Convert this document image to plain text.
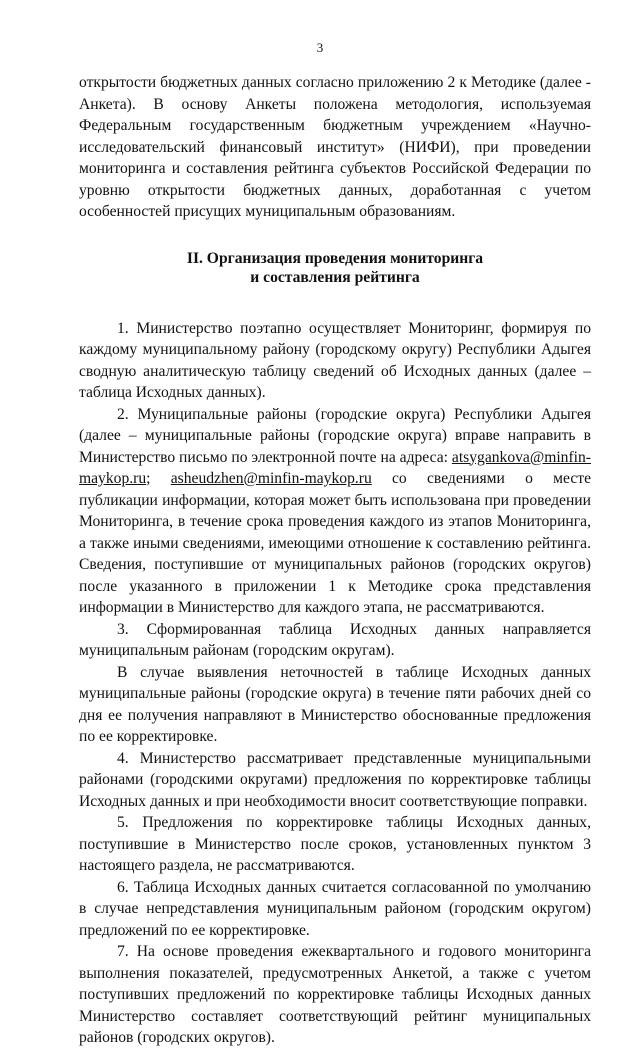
3

открытости бюджетных данных согласно приложению 2 к Методике (далее - Анкета). В основу Анкеты положена методология, используемая Федеральным государственным бюджетным учреждением «Научно-исследовательский финансовый институт» (НИФИ), при проведении мониторинга и составления рейтинга субъектов Российской Федерации по уровню открытости бюджетных данных, доработанная с учетом особенностей присущих муниципальным образованиям.

II. Организация проведения мониторинга
и составления рейтинга

1. Министерство поэтапно осуществляет Мониторинг, формируя по каждому муниципальному району (городскому округу) Республики Адыгея сводную аналитическую таблицу сведений об Исходных данных (далее – таблица Исходных данных).

2. Муниципальные районы (городские округа) Республики Адыгея (далее – муниципальные районы (городские округа) вправе направить в Министерство письмо по электронной почте на адреса: atsygankova@minfin-maykop.ru; asheudzhen@minfin-maykop.ru со сведениями о месте публикации информации, которая может быть использована при проведении Мониторинга, в течение срока проведения каждого из этапов Мониторинга, а также иными сведениями, имеющими отношение к составлению рейтинга. Сведения, поступившие от муниципальных районов (городских округов) после указанного в приложении 1 к Методике срока представления информации в Министерство для каждого этапа, не рассматриваются.

3. Сформированная таблица Исходных данных направляется муниципальным районам (городским округам).

В случае выявления неточностей в таблице Исходных данных муниципальные районы (городские округа) в течение пяти рабочих дней со дня ее получения направляют в Министерство обоснованные предложения по ее корректировке.

4. Министерство рассматривает представленные муниципальными районами (городскими округами) предложения по корректировке таблицы Исходных данных и при необходимости вносит соответствующие поправки.

5. Предложения по корректировке таблицы Исходных данных, поступившие в Министерство после сроков, установленных пунктом 3 настоящего раздела, не рассматриваются.

6. Таблица Исходных данных считается согласованной по умолчанию в случае непредставления муниципальным районом (городским округом) предложений по ее корректировке.

7. На основе проведения ежеквартального и годового мониторинга выполнения показателей, предусмотренных Анкетой, а также с учетом поступивших предложений по корректировке таблицы Исходных данных Министерство составляет соответствующий рейтинг муниципальных районов (городских округов).
